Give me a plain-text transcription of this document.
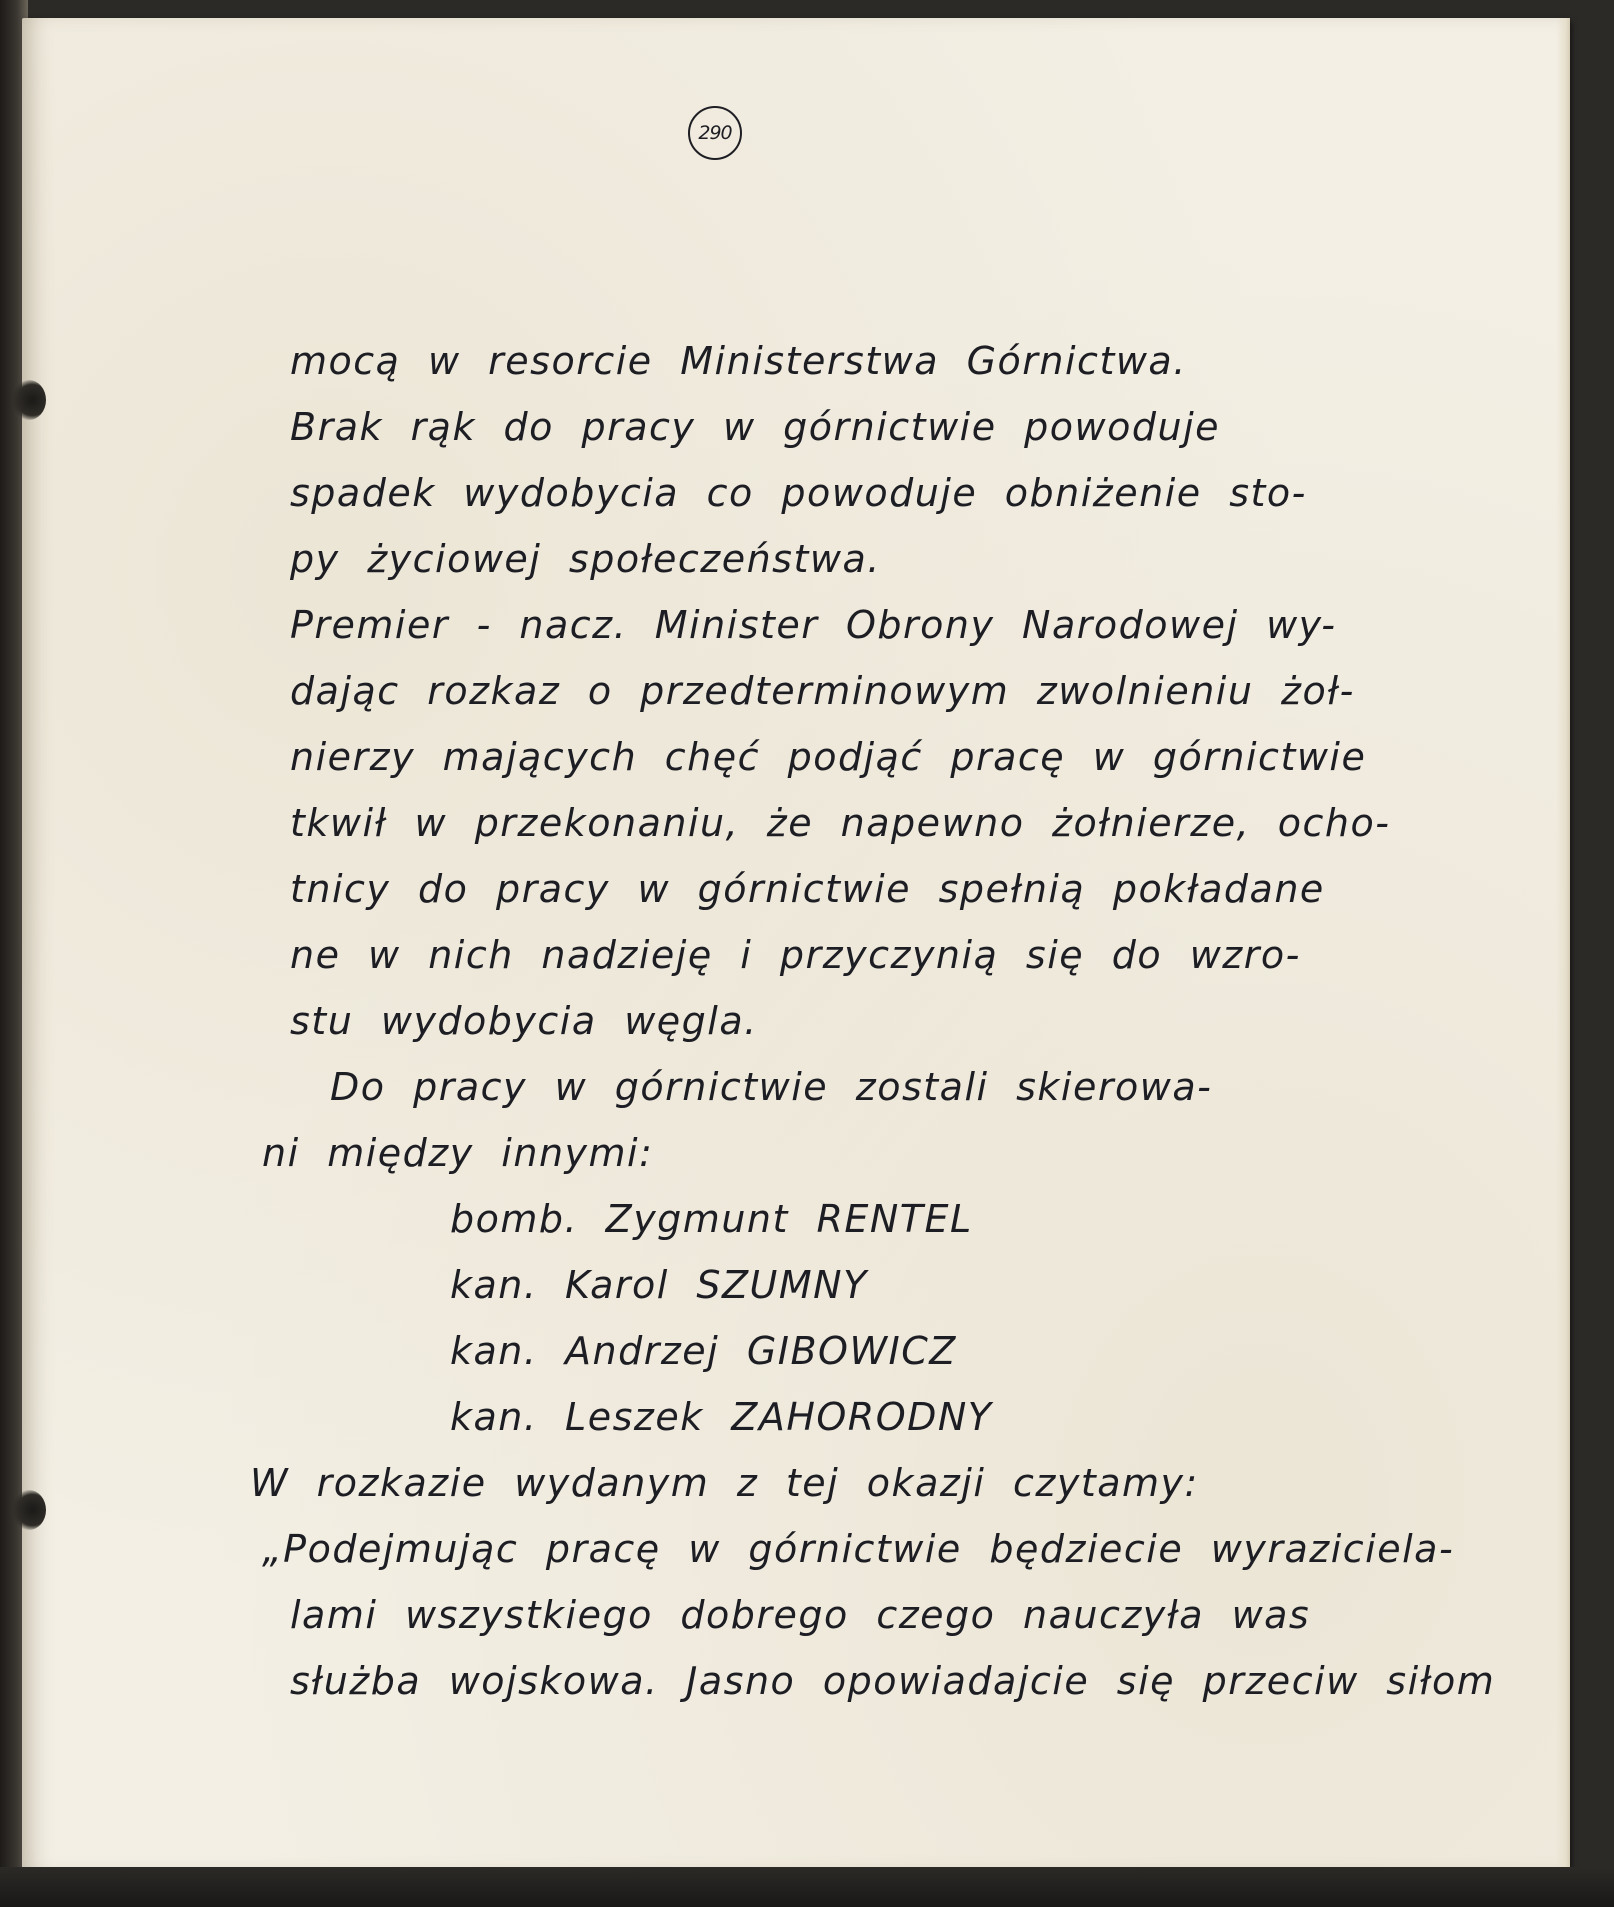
290
mocą w resorcie Ministerstwa Górnictwa.
Brak rąk do pracy w górnictwie powoduje
spadek wydobycia co powoduje obniżenie sto-
py życiowej społeczeństwa.
Premier - nacz. Minister Obrony Narodowej wy-
dając rozkaz o przedterminowym zwolnieniu żoł-
nierzy mających chęć podjąć pracę w górnictwie
tkwił w przekonaniu, że napewno żołnierze, ocho-
tnicy do pracy w górnictwie spełnią pokładane
ne w nich nadzieję i przyczynią się do wzro-
stu wydobycia węgla.
Do pracy w górnictwie zostali skierowa-
ni między innymi:
bomb. Zygmunt RENTEL
kan. Karol SZUMNY
kan. Andrzej GIBOWICZ
kan. Leszek ZAHORODNY
W rozkazie wydanym z tej okazji czytamy:
„Podejmując pracę w górnictwie będziecie wyraziciela-
lami wszystkiego dobrego czego nauczyła was
służba wojskowa. Jasno opowiadajcie się przeciw siłom
